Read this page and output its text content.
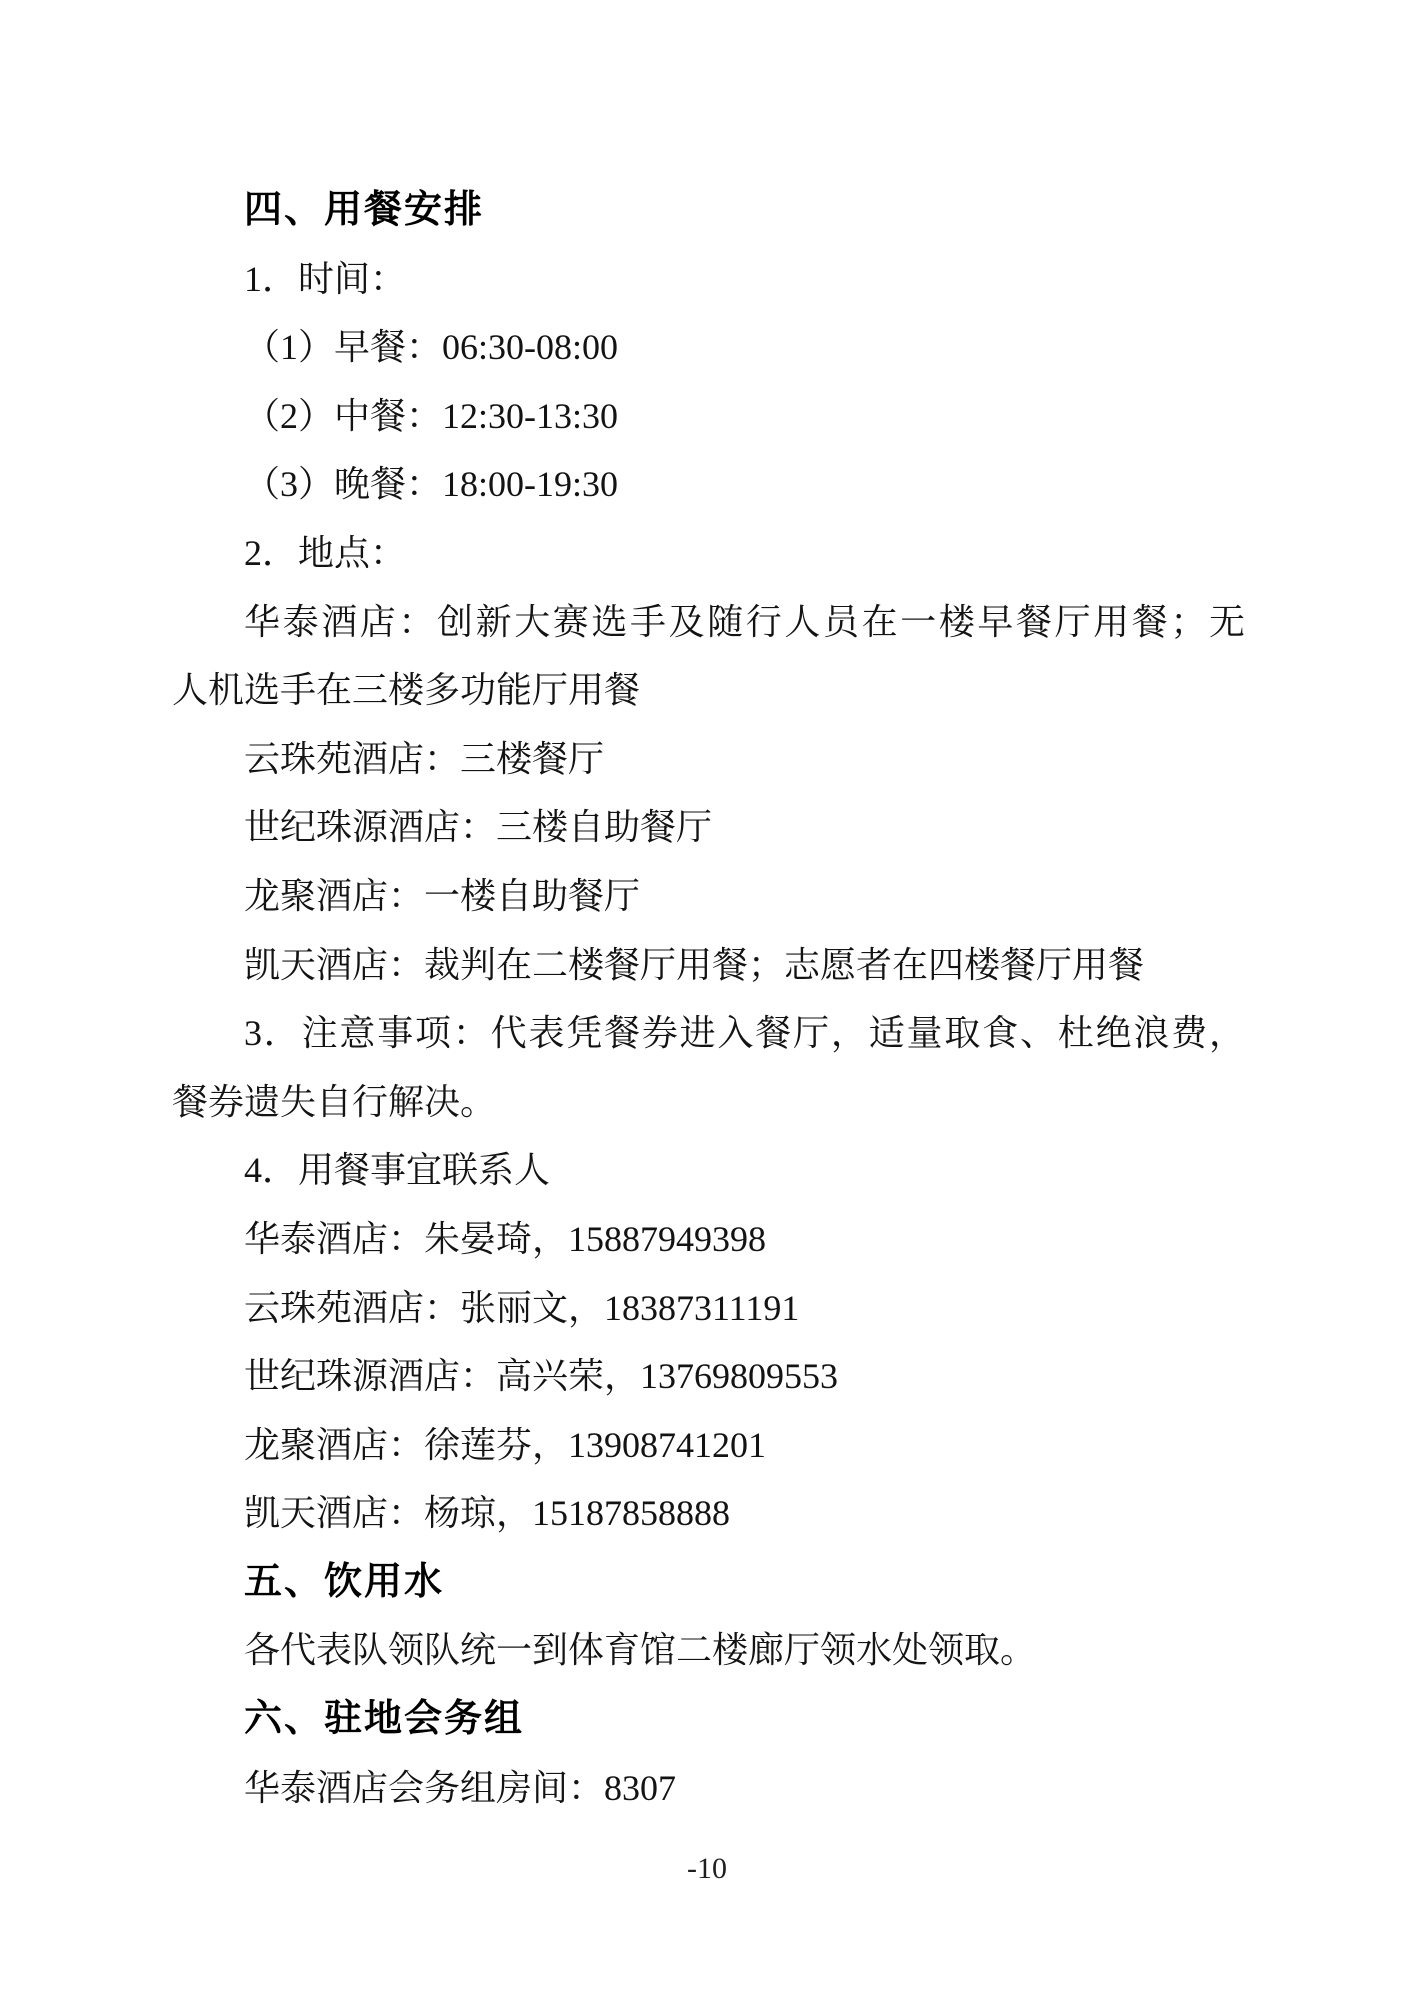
四、用餐安排
1．时间：
（1）早餐：06:30-08:00
（2）中餐：12:30-13:30
（3）晚餐：18:00-19:30
2．地点：
华泰酒店：创新大赛选手及随行人员在一楼早餐厅用餐；无
人机选手在三楼多功能厅用餐
云珠苑酒店：三楼餐厅
世纪珠源酒店：三楼自助餐厅
龙聚酒店：一楼自助餐厅
凯天酒店：裁判在二楼餐厅用餐；志愿者在四楼餐厅用餐
3．注意事项：代表凭餐券进入餐厅，适量取食、杜绝浪费，
餐券遗失自行解决。
4．用餐事宜联系人
华泰酒店：朱晏琦，15887949398
云珠苑酒店：张丽文，18387311191
世纪珠源酒店：高兴荣，13769809553
龙聚酒店：徐莲芬，13908741201
凯天酒店：杨琼，15187858888
五、饮用水
各代表队领队统一到体育馆二楼廊厅领水处领取。
六、驻地会务组
华泰酒店会务组房间：8307
-10
